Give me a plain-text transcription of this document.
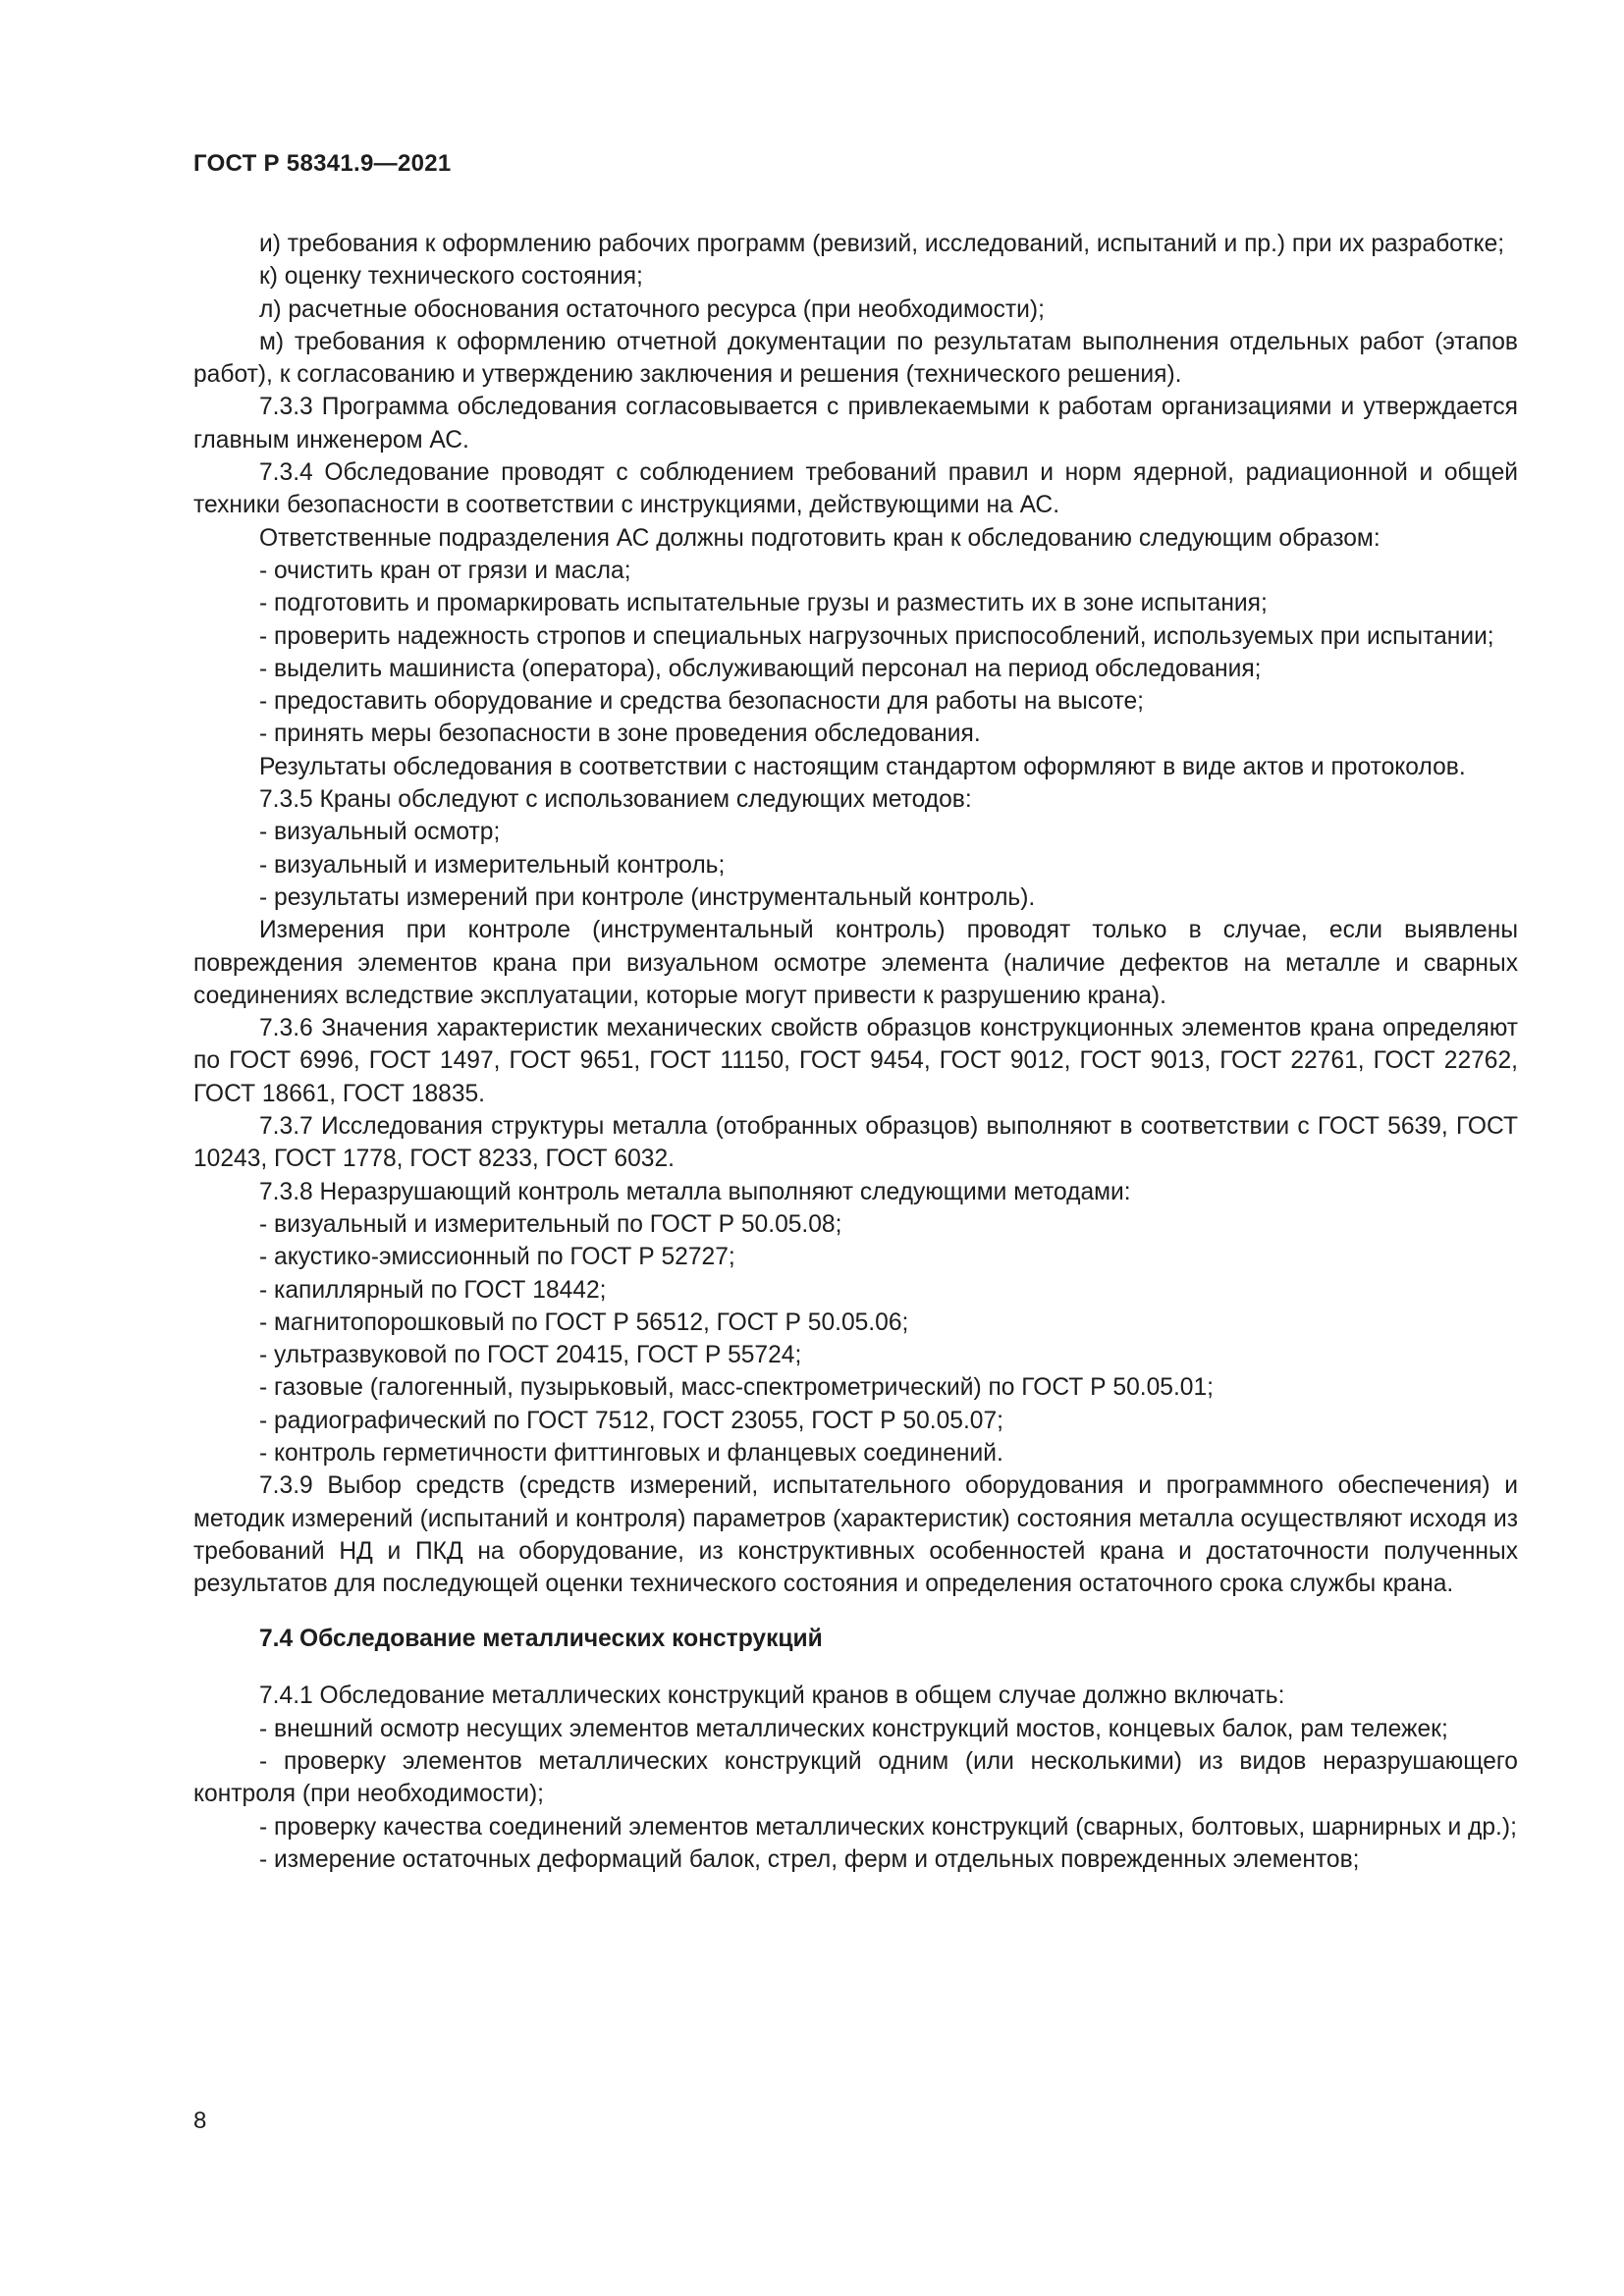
ГОСТ Р 58341.9—2021

и) требования к оформлению рабочих программ (ревизий, исследований, испытаний и пр.) при их разработке;

к) оценку технического состояния;

л) расчетные обоснования остаточного ресурса (при необходимости);

м) требования к оформлению отчетной документации по результатам выполнения отдельных работ (этапов работ), к согласованию и утверждению заключения и решения (технического решения).

7.3.3 Программа обследования согласовывается с привлекаемыми к работам организациями и утверждается главным инженером АС.

7.3.4 Обследование проводят с соблюдением требований правил и норм ядерной, радиационной и общей техники безопасности в соответствии с инструкциями, действующими на АС.

Ответственные подразделения АС должны подготовить кран к обследованию следующим образом:

- очистить кран от грязи и масла;

- подготовить и промаркировать испытательные грузы и разместить их в зоне испытания;

- проверить надежность стропов и специальных нагрузочных приспособлений, используемых при испытании;

- выделить машиниста (оператора), обслуживающий персонал на период обследования;

- предоставить оборудование и средства безопасности для работы на высоте;

- принять меры безопасности в зоне проведения обследования.

Результаты обследования в соответствии с настоящим стандартом оформляют в виде актов и протоколов.

7.3.5 Краны обследуют с использованием следующих методов:

- визуальный осмотр;

- визуальный и измерительный контроль;

- результаты измерений при контроле (инструментальный контроль).

Измерения при контроле (инструментальный контроль) проводят только в случае, если выявлены повреждения элементов крана при визуальном осмотре элемента (наличие дефектов на металле и сварных соединениях вследствие эксплуатации, которые могут привести к разрушению крана).

7.3.6 Значения характеристик механических свойств образцов конструкционных элементов крана определяют по ГОСТ 6996, ГОСТ 1497, ГОСТ 9651, ГОСТ 11150, ГОСТ 9454, ГОСТ 9012, ГОСТ 9013, ГОСТ 22761, ГОСТ 22762, ГОСТ 18661, ГОСТ 18835.

7.3.7 Исследования структуры металла (отобранных образцов) выполняют в соответствии с ГОСТ 5639, ГОСТ 10243, ГОСТ 1778, ГОСТ 8233, ГОСТ 6032.

7.3.8 Неразрушающий контроль металла выполняют следующими методами:

- визуальный и измерительный по ГОСТ Р 50.05.08;

- акустико-эмиссионный по ГОСТ Р 52727;

- капиллярный по ГОСТ 18442;

- магнитопорошковый по ГОСТ Р 56512, ГОСТ Р 50.05.06;

- ультразвуковой по ГОСТ 20415, ГОСТ Р 55724;

- газовые (галогенный, пузырьковый, масс-спектрометрический) по ГОСТ Р 50.05.01;

- радиографический по ГОСТ 7512, ГОСТ 23055, ГОСТ Р 50.05.07;

- контроль герметичности фиттинговых и фланцевых соединений.

7.3.9 Выбор средств (средств измерений, испытательного оборудования и программного обеспечения) и методик измерений (испытаний и контроля) параметров (характеристик) состояния металла осуществляют исходя из требований НД и ПКД на оборудование, из конструктивных особенностей крана и достаточности полученных результатов для последующей оценки технического состояния и определения остаточного срока службы крана.

7.4 Обследование металлических конструкций

7.4.1 Обследование металлических конструкций кранов в общем случае должно включать:

- внешний осмотр несущих элементов металлических конструкций мостов, концевых балок, рам тележек;

- проверку элементов металлических конструкций одним (или несколькими) из видов неразрушающего контроля (при необходимости);

- проверку качества соединений элементов металлических конструкций (сварных, болтовых, шарнирных и др.);

- измерение остаточных деформаций балок, стрел, ферм и отдельных поврежденных элементов;

8
